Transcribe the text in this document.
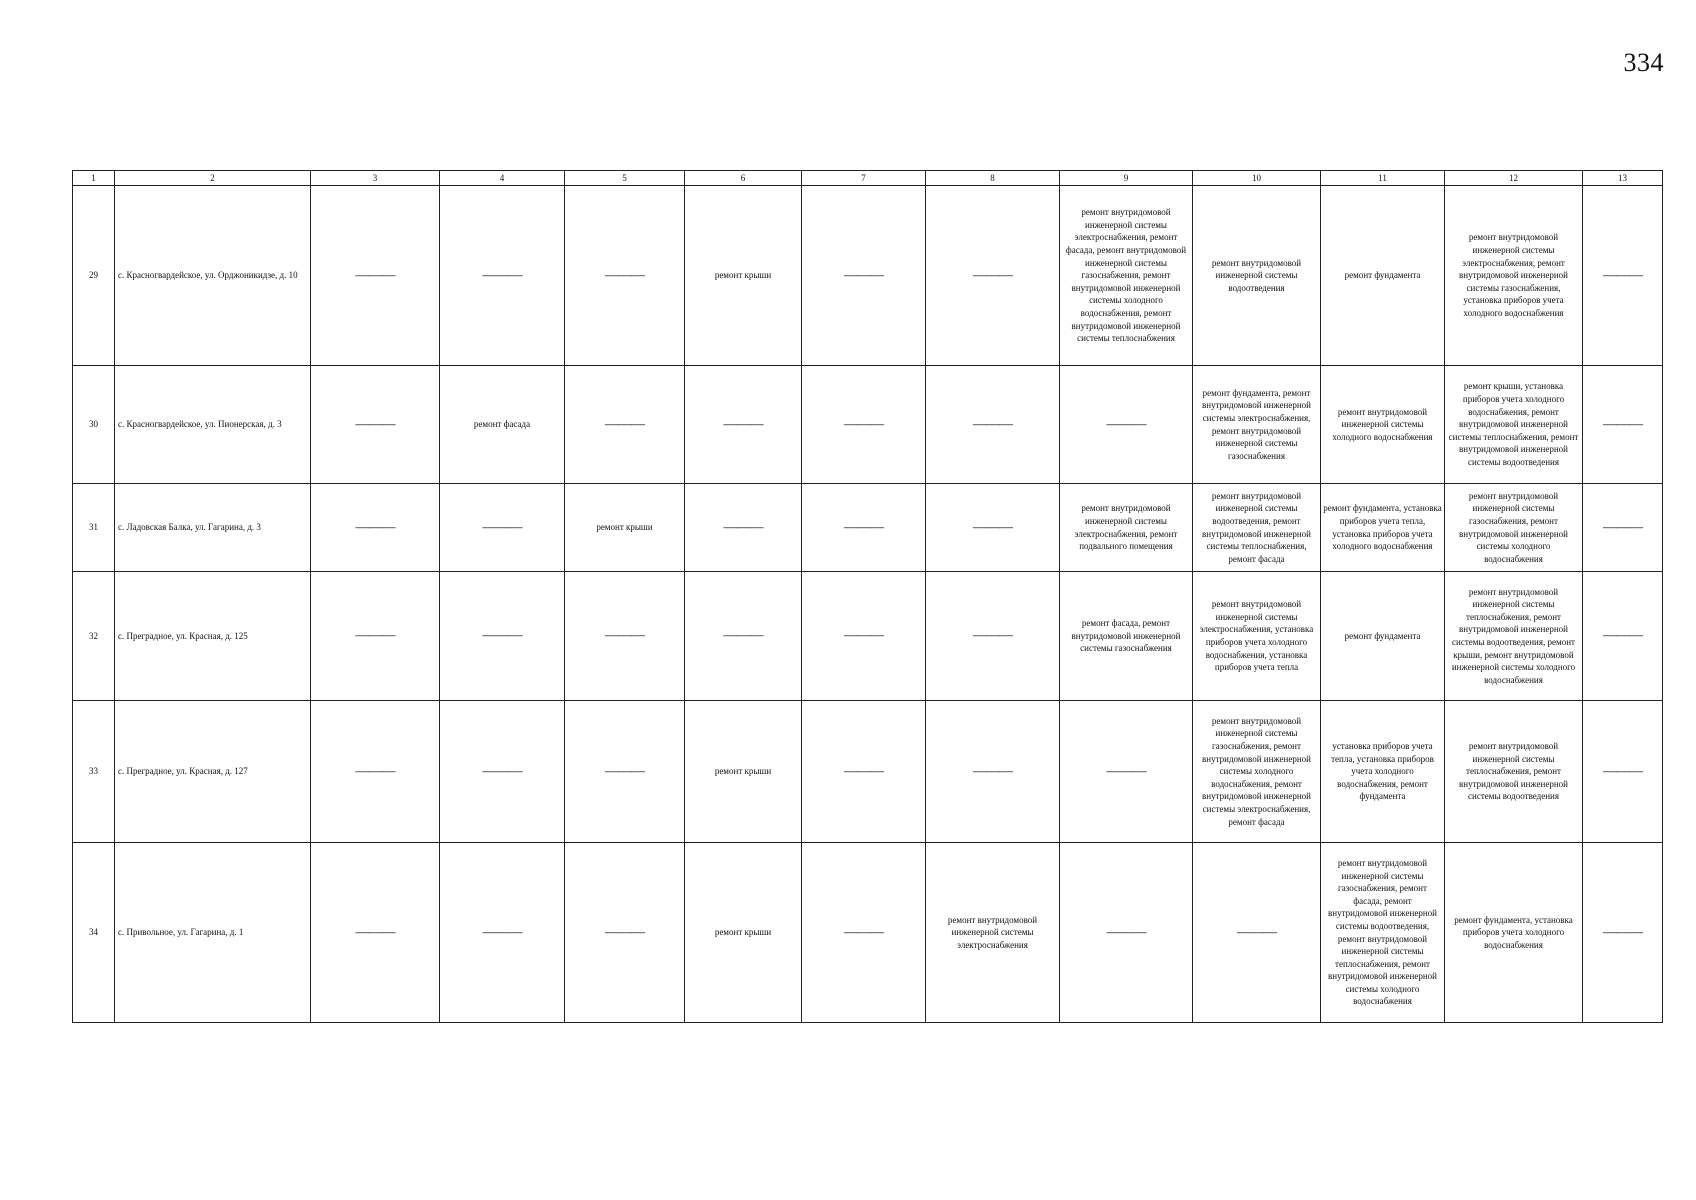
334
1	2	3	4	5	6	7	8	9	10	11	12	13
29	с. Красногвардейское, ул. Орджоникидзе, д. 10	———	———	———	ремонт крыши	———	———	ремонт внутридомовой инженерной системы электроснабжения, ремонт фасада, ремонт внутридомовой инженерной системы газоснабжения, ремонт внутридомовой инженерной системы холодного водоснабжения, ремонт внутридомовой инженерной системы теплоснабжения	ремонт внутридомовой инженерной системы водоотведения	ремонт фундамента	ремонт внутридомовой инженерной системы электроснабжения, ремонт внутридомовой инженерной системы газоснабжения, установка приборов учета холодного водоснабжения	———
30	с. Красногвардейское, ул. Пионерская, д. 3	———	ремонт фасада	———	———	———	———	———	ремонт фундамента, ремонт внутридомовой инженерной системы электроснабжения, ремонт внутридомовой инженерной системы газоснабжения	ремонт внутридомовой инженерной системы холодного водоснабжения	ремонт крыши, установка приборов учета холодного водоснабжения, ремонт внутридомовой инженерной системы теплоснабжения, ремонт внутридомовой инженерной системы водоотведения	———
31	с. Ладовская Балка, ул. Гагарина, д. 3	———	———	ремонт крыши	———	———	———	ремонт внутридомовой инженерной системы электроснабжения, ремонт подвального помещения	ремонт внутридомовой инженерной системы водоотведения, ремонт внутридомовой инженерной системы теплоснабжения, ремонт фасада	ремонт фундамента, установка приборов учета тепла, установка приборов учета холодного водоснабжения	ремонт внутридомовой инженерной системы газоснабжения, ремонт внутридомовой инженерной системы холодного водоснабжения	———
32	с. Преградное, ул. Красная, д. 125	———	———	———	———	———	———	ремонт фасада, ремонт внутридомовой инженерной системы газоснабжения	ремонт внутридомовой инженерной системы электроснабжения, установка приборов учета холодного водоснабжения, установка приборов учета тепла	ремонт фундамента	ремонт внутридомовой инженерной системы теплоснабжения, ремонт внутридомовой инженерной системы водоотведения, ремонт крыши, ремонт внутридомовой инженерной системы холодного водоснабжения	———
33	с. Преградное, ул. Красная, д. 127	———	———	———	ремонт крыши	———	———	———	ремонт внутридомовой инженерной системы газоснабжения, ремонт внутридомовой инженерной системы холодного водоснабжения, ремонт внутридомовой инженерной системы электроснабжения, ремонт фасада	установка приборов учета тепла, установка приборов учета холодного водоснабжения, ремонт фундамента	ремонт внутридомовой инженерной системы теплоснабжения, ремонт внутридомовой инженерной системы водоотведения	———
34	с. Привольное, ул. Гагарина, д. 1	———	———	———	ремонт крыши	———	ремонт внутридомовой инженерной системы электроснабжения	———	———	ремонт внутридомовой инженерной системы газоснабжения, ремонт фасада, ремонт внутридомовой инженерной системы водоотведения, ремонт внутридомовой инженерной системы теплоснабжения, ремонт внутридомовой инженерной системы холодного водоснабжения	ремонт фундамента, установка приборов учета холодного водоснабжения	———
